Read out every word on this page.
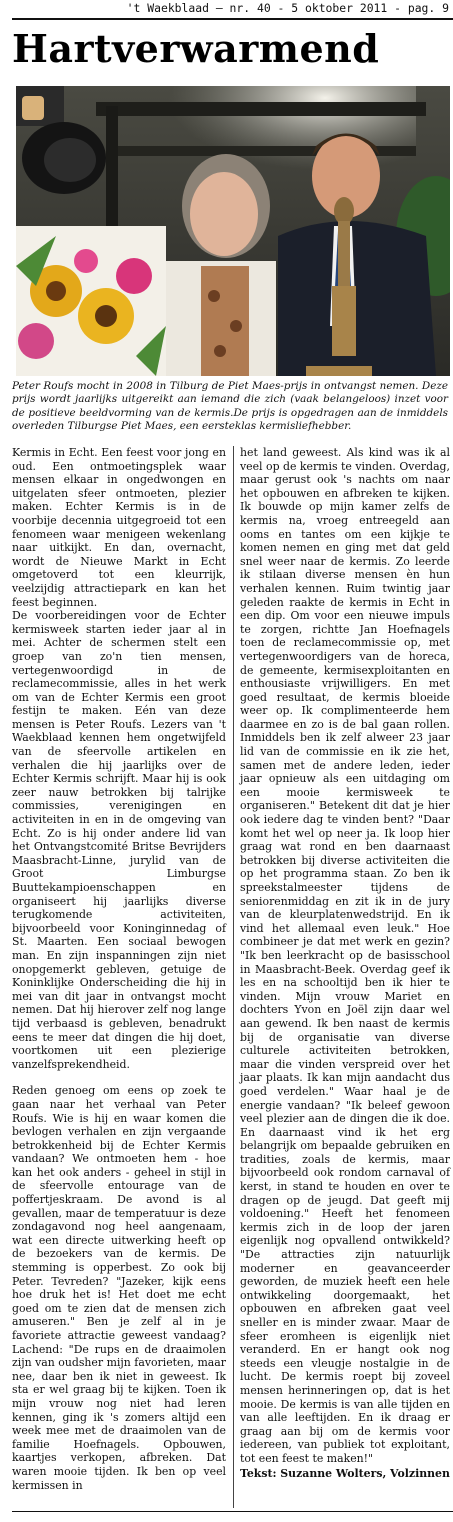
't Waekblaad – nr. 40 - 5 oktober 2011 - pag. 9
Hartverwarmend

Peter Roufs mocht in 2008 in Tilburg de Piet Maes-prijs in ontvangst nemen. Deze prijs wordt jaarlijks uitgereikt aan iemand die zich (vaak belangeloos) inzet voor de positieve beeldvorming van de kermis.De prijs is opgedragen aan de inmiddels overleden Tilburgse Piet Maes, een eersteklas kermisliefhebber.

Kermis in Echt. Een feest voor jong en oud. Een ontmoetingsplek waar mensen elkaar in ongedwongen en uitgelaten sfeer ontmoeten, plezier maken. Echter Kermis is in de voorbije decennia uitgegroeid tot een fenomeen waar menigeen wekenlang naar uitkijkt. En dan, overnacht, wordt de Nieuwe Markt in Echt omgetoverd tot een kleurrijk, veelzijdig attractiepark en kan het feest beginnen.

De voorbereidingen voor de Echter kermisweek starten ieder jaar al in mei. Achter de schermen stelt een groep van zo'n tien mensen, vertegenwoordigd in de reclamecommissie, alles in het werk om van de Echter Kermis een groot festijn te maken. Eén van deze mensen is Peter Roufs. Lezers van 't Waekblaad kennen hem ongetwijfeld van de sfeervolle artikelen en verhalen die hij jaarlijks over de Echter Kermis schrijft. Maar hij is ook zeer nauw betrokken bij talrijke commissies, verenigingen en activiteiten in en in de omgeving van Echt. Zo is hij onder andere lid van het Ontvangstcomité Britse Bevrijders Maasbracht-Linne, jurylid van de Groot Limburgse Buuttekampioenschappen en organiseert hij jaarlijks diverse terugkomende activiteiten, bijvoorbeeld voor Koninginnedag of St. Maarten. Een sociaal bewogen man. En zijn inspanningen zijn niet onopgemerkt gebleven, getuige de Koninklijke Onderscheiding die hij in mei van dit jaar in ontvangst mocht nemen. Dat hij hierover zelf nog lange tijd verbaasd is gebleven, benadrukt eens te meer dat dingen die hij doet, voortkomen uit een plezierige vanzelfsprekendheid.

Reden genoeg om eens op zoek te gaan naar het verhaal van Peter Roufs. Wie is hij en waar komen die bevlogen verhalen en zijn vergaande betrokkenheid bij de Echter Kermis vandaan? We ontmoeten hem - hoe kan het ook anders - geheel in stijl in de sfeervolle entourage van de poffertjeskraam. De avond is al gevallen, maar de temperatuur is deze zondagavond nog heel aangenaam, wat een directe uitwerking heeft op de bezoekers van de kermis. De stemming is opperbest. Zo ook bij Peter. Tevreden? "Jazeker, kijk eens hoe druk het is! Het doet me echt goed om te zien dat de mensen zich amuseren." Ben je zelf al in je favoriete attractie geweest vandaag? Lachend: "De rups en de draaimolen zijn van oudsher mijn favorieten, maar nee, daar ben ik niet in geweest. Ik sta er wel graag bij te kijken. Toen ik mijn vrouw nog niet had leren kennen, ging ik 's zomers altijd een week mee met de draaimolen van de familie Hoefnagels. Opbouwen, kaartjes verkopen, afbreken. Dat waren mooie tijden. Ik ben op veel kermissen in

het land geweest. Als kind was ik al veel op de kermis te vinden. Overdag, maar gerust ook 's nachts om naar het opbouwen en afbreken te kijken. Ik bouwde op mijn kamer zelfs de kermis na, vroeg entreegeld aan ooms en tantes om een kijkje te komen nemen en ging met dat geld snel weer naar de kermis. Zo leerde ik stilaan diverse mensen èn hun verhalen kennen. Ruim twintig jaar geleden raakte de kermis in Echt in een dip. Om voor een nieuwe impuls te zorgen, richtte Jan Hoefnagels toen de reclamecommissie op, met vertegenwoordigers van de horeca, de gemeente, kermisexploitanten en enthousiaste vrijwilligers. En met goed resultaat, de kermis bloeide weer op. Ik complimenteerde hem daarmee en zo is de bal gaan rollen. Inmiddels ben ik zelf alweer 23 jaar lid van de commissie en ik zie het, samen met de andere leden, ieder jaar opnieuw als een uitdaging om een mooie kermisweek te organiseren." Betekent dit dat je hier ook iedere dag te vinden bent? "Daar komt het wel op neer ja. Ik loop hier graag wat rond en ben daarnaast betrokken bij diverse activiteiten die op het programma staan. Zo ben ik spreekstalmeester tijdens de seniorenmiddag en zit ik in de jury van de kleurplatenwedstrijd. En ik vind het allemaal even leuk." Hoe combineer je dat met werk en gezin? "Ik ben leerkracht op de basisschool in Maasbracht-Beek. Overdag geef ik les en na schooltijd ben ik hier te vinden. Mijn vrouw Mariet en dochters Yvon en Joël zijn daar wel aan gewend. Ik ben naast de kermis bij de organisatie van diverse culturele activiteiten betrokken, maar die vinden verspreid over het jaar plaats. Ik kan mijn aandacht dus goed verdelen." Waar haal je de energie vandaan? "Ik beleef gewoon veel plezier aan de dingen die ik doe. En daarnaast vind ik het erg belangrijk om bepaalde gebruiken en tradities, zoals de kermis, maar bijvoorbeeld ook rondom carnaval of kerst, in stand te houden en over te dragen op de jeugd. Dat geeft mij voldoening." Heeft het fenomeen kermis zich in de loop der jaren eigenlijk nog opvallend ontwikkeld? "De attracties zijn natuurlijk moderner en geavanceerder geworden, de muziek heeft een hele ontwikkeling doorgemaakt, het opbouwen en afbreken gaat veel sneller en is minder zwaar. Maar de sfeer eromheen is eigenlijk niet veranderd. En er hangt ook nog steeds een vleugje nostalgie in de lucht. De kermis roept bij zoveel mensen herinneringen op, dat is het mooie. De kermis is van alle tijden en van alle leeftijden. En ik draag er graag aan bij om de kermis voor iedereen, van publiek tot exploitant, tot een feest te maken!"

Tekst: Suzanne Wolters, Volzinnen
